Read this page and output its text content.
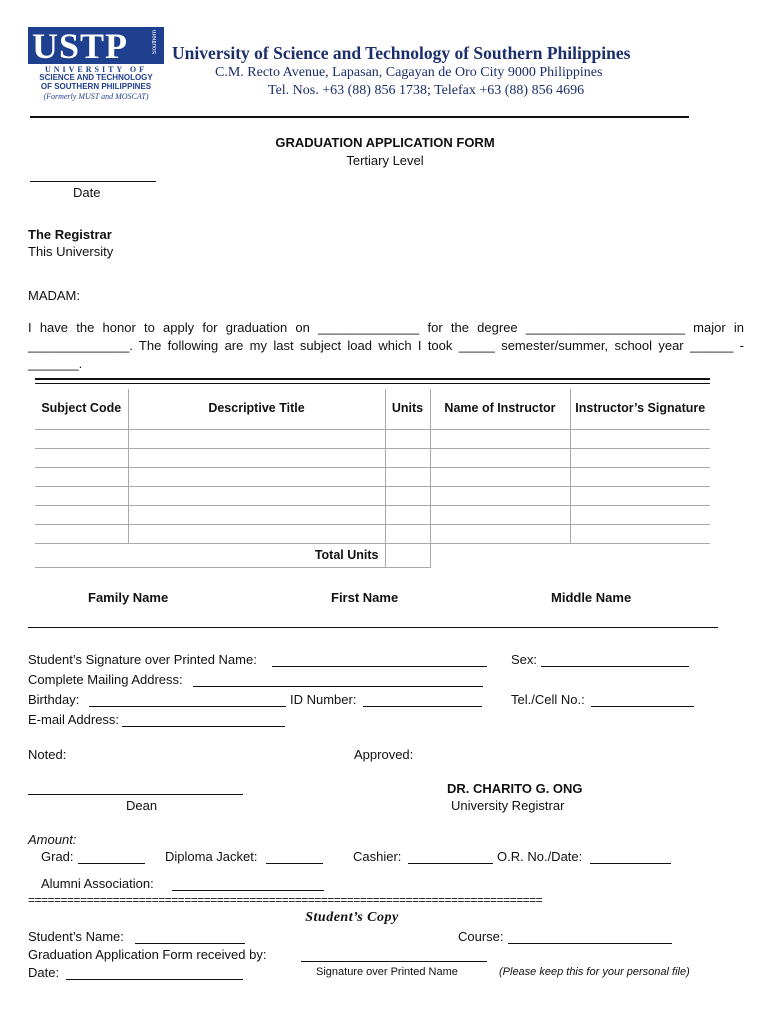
USTP	Southern
UNIVERSITY OF
SCIENCE AND TECHNOLOGY
OF SOUTHERN PHILIPPINES
(Formerly MUST and MOSCAT)
University of Science and Technology of Southern Philippines
C.M. Recto Avenue, Lapasan, Cagayan de Oro City 9000 Philippines
Tel. Nos. +63 (88) 856 1738; Telefax +63 (88) 856 4696
GRADUATION APPLICATION FORM
Tertiary Level
Date
The Registrar
This University
MADAM:
I have the honor to apply for graduation on ______________ for the degree ______________________ major in
______________. The following are my last subject load which I took _____ semester/summer, school year ______ -
_______.
Subject Code	Descriptive Title	Units	Name of Instructor	Instructor’s Signature

Total Units				
Family Name	First Name	Middle Name
Student’s Signature over Printed Name:	Sex:
Complete Mailing Address:
Birthday:	ID Number:	Tel./Cell No.:
E-mail Address:
Noted:	Approved:
Dean
DR. CHARITO G. ONG
University Registrar
Amount:
Grad:	Diploma Jacket:	Cashier:	O.R. No./Date:
Alumni Association:
===============================================================================
Student’s Copy
Student’s Name:	Course:
Graduation Application Form received by:
Date:	Signature over Printed Name	(Please keep this for your personal file)
